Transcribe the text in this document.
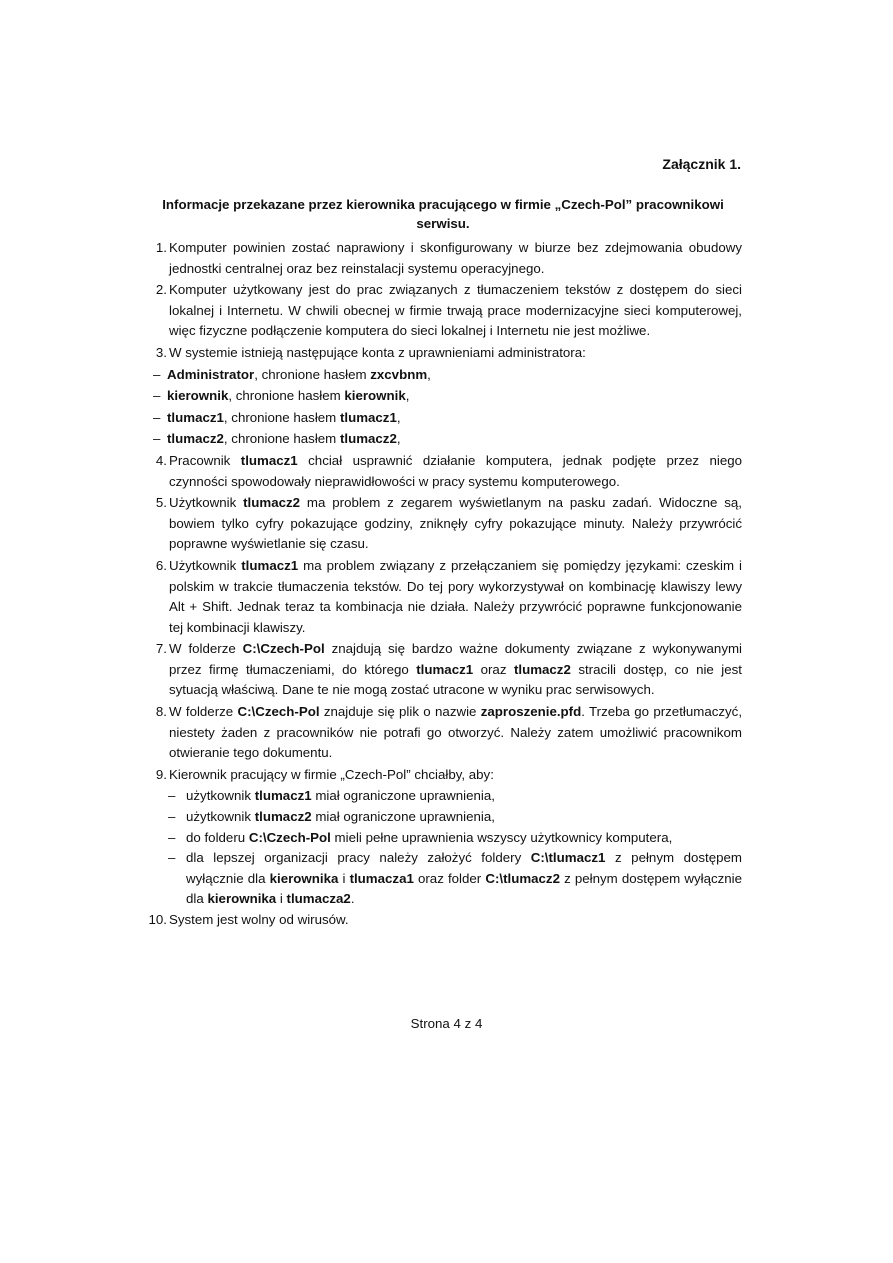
Załącznik 1.
Informacje przekazane przez kierownika pracującego w firmie „Czech-Pol” pracownikowi serwisu.
1. Komputer powinien zostać naprawiony i skonfigurowany w biurze bez zdejmowania obudowy jednostki centralnej oraz bez reinstalacji systemu operacyjnego.
2. Komputer użytkowany jest do prac związanych z tłumaczeniem tekstów z dostępem do sieci lokalnej i Internetu. W chwili obecnej w firmie trwają prace modernizacyjne sieci komputerowej, więc fizyczne podłączenie komputera do sieci lokalnej i Internetu nie jest możliwe.
3. W systemie istnieją następujące konta z uprawnieniami administratora:
– Administrator, chronione hasłem zxcvbnm,
– kierownik, chronione hasłem kierownik,
– tlumacz1, chronione hasłem tlumacz1,
– tlumacz2, chronione hasłem tlumacz2,
4. Pracownik tlumacz1 chciał usprawnić działanie komputera, jednak podjęte przez niego czynności spowodowały nieprawidłowości w pracy systemu komputerowego.
5. Użytkownik tlumacz2 ma problem z zegarem wyświetlanym na pasku zadań. Widoczne są, bowiem tylko cyfry pokazujące godziny, zniknęły cyfry pokazujące minuty. Należy przywrócić poprawne wyświetlanie się czasu.
6. Użytkownik tlumacz1 ma problem związany z przełączaniem się pomiędzy językami: czeskim i polskim w trakcie tłumaczenia tekstów. Do tej pory wykorzystywał on kombinację klawiszy lewy Alt + Shift. Jednak teraz ta kombinacja nie działa. Należy przywrócić poprawne funkcjonowanie tej kombinacji klawiszy.
7. W folderze C:\Czech-Pol znajdują się bardzo ważne dokumenty związane z wykonywanymi przez firmę tłumaczeniami, do którego tlumacz1 oraz tlumacz2 stracili dostęp, co nie jest sytuacją właściwą. Dane te nie mogą zostać utracone w wyniku prac serwisowych.
8. W folderze C:\Czech-Pol znajduje się plik o nazwie zaproszenie.pfd. Trzeba go przetłumaczyć, niestety żaden z pracowników nie potrafi go otworzyć. Należy zatem umożliwić pracownikom otwieranie tego dokumentu.
9. Kierownik pracujący w firmie „Czech-Pol” chciałby, aby:
– użytkownik tlumacz1 miał ograniczone uprawnienia,
– użytkownik tlumacz2 miał ograniczone uprawnienia,
– do folderu C:\Czech-Pol mieli pełne uprawnienia wszyscy użytkownicy komputera,
– dla lepszej organizacji pracy należy założyć foldery C:\tlumacz1 z pełnym dostępem wyłącznie dla kierownika i tlumacza1 oraz folder C:\tlumacz2 z pełnym dostępem wyłącznie dla kierownika i tlumacza2.
10. System jest wolny od wirusów.
Strona 4 z 4
